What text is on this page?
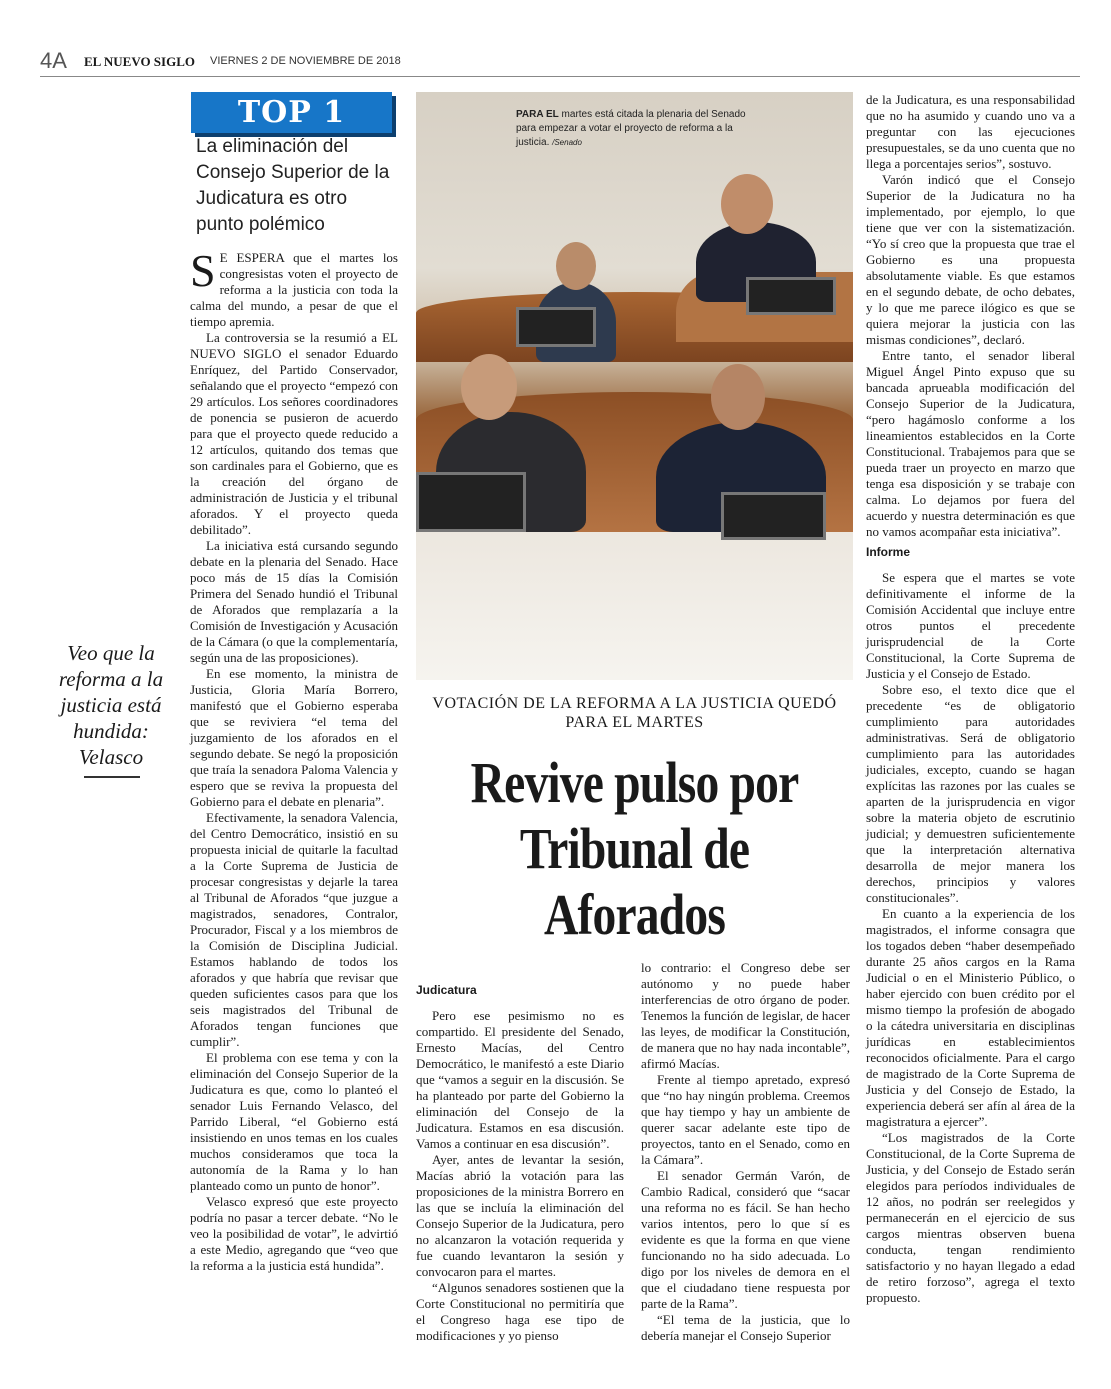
4A EL NUEVO SIGLO VIERNES 2 DE NOVIEMBRE DE 2018
TOP 1
La eliminación del Consejo Superior de la Judicatura es otro punto polémico
Veo que la reforma a la justicia está hundida: Velasco

S E ESPERA que el martes los congresistas voten el proyecto de reforma a la justicia con toda la calma del mundo, a pesar de que el tiempo apremia.

La controversia se la resumió a EL NUEVO SIGLO el senador Eduardo Enríquez, del Partido Conservador, señalando que el proyecto “empezó con 29 artículos. Los señores coordinadores de ponencia se pusieron de acuerdo para que el proyecto quede reducido a 12 artículos, quitando dos temas que son cardinales para el Gobierno, que es la creación del órgano de administración de Justicia y el tribunal aforados. Y el proyecto queda debilitado”.

La iniciativa está cursando segundo debate en la plenaria del Senado. Hace poco más de 15 días la Comisión Primera del Senado hundió el Tribunal de Aforados que remplazaría a la Comisión de Investigación y Acusación de la Cámara (o que la complementaría, según una de las proposiciones).

En ese momento, la ministra de Justicia, Gloria María Borrero, manifestó que el Gobierno esperaba que se reviviera “el tema del juzgamiento de los aforados en el segundo debate. Se negó la proposición que traía la senadora Paloma Valencia y espero que se reviva la propuesta del Gobierno para el debate en plenaria”.

Efectivamente, la senadora Valencia, del Centro Democrático, insistió en su propuesta inicial de quitarle la facultad a la Corte Suprema de Justicia de procesar congresistas y dejarle la tarea al Tribunal de Aforados “que juzgue a magistrados, senadores, Contralor, Procurador, Fiscal y a los miembros de la Comisión de Disciplina Judicial. Estamos hablando de todos los aforados y que habría que revisar que queden suficientes casos para que los seis magistrados del Tribunal de Aforados tengan funciones que cumplir”.

El problema con ese tema y con la eliminación del Consejo Superior de la Judicatura es que, como lo planteó el senador Luis Fernando Velasco, del Parrido Liberal, “el Gobierno está insistiendo en unos temas en los cuales muchos consideramos que toca la autonomía de la Rama y lo han planteado como un punto de honor”.

Velasco expresó que este proyecto podría no pasar a tercer debate. “No le veo la posibilidad de votar”, le advirtió a este Medio, agregando que “veo que la reforma a la justicia está hundida”.

PARA EL martes está citada la plenaria del Senado para empezar a votar el proyecto de reforma a la justicia. /Senado
VOTACIÓN DE LA REFORMA A LA JUSTICIA QUEDÓ PARA EL MARTES
Revive pulso por Tribunal de Aforados

Judicatura

Pero ese pesimismo no es compartido. El presidente del Senado, Ernesto Macías, del Centro Democrático, le manifestó a este Diario que “vamos a seguir en la discusión. Se ha planteado por parte del Gobierno la eliminación del Consejo de la Judicatura. Estamos en esa discusión. Vamos a continuar en esa discusión”.

Ayer, antes de levantar la sesión, Macías abrió la votación para las proposiciones de la ministra Borrero en las que se incluía la eliminación del Consejo Superior de la Judicatura, pero no alcanzaron la votación requerida y fue cuando levantaron la sesión y convocaron para el martes.

“Algunos senadores sostienen que la Corte Constitucional no permitiría que el Congreso haga ese tipo de modificaciones y yo pienso

lo contrario: el Congreso debe ser autónomo y no puede haber interferencias de otro órgano de poder. Tenemos la función de legislar, de hacer las leyes, de modificar la Constitución, de manera que no hay nada incontable”, afirmó Macías.

Frente al tiempo apretado, expresó que “no hay ningún problema. Creemos que hay tiempo y hay un ambiente de querer sacar adelante este tipo de proyectos, tanto en el Senado, como en la Cámara”.

El senador Germán Varón, de Cambio Radical, consideró que “sacar una reforma no es fácil. Se han hecho varios intentos, pero lo que sí es evidente es que la forma en que viene funcionando no ha sido adecuada. Lo digo por los niveles de demora en el que el ciudadano tiene respuesta por parte de la Rama”.

“El tema de la justicia, que lo debería manejar el Consejo Superior

de la Judicatura, es una responsabilidad que no ha asumido y cuando uno va a preguntar con las ejecuciones presupuestales, se da uno cuenta que no llega a porcentajes serios”, sostuvo.

Varón indicó que el Consejo Superior de la Judicatura no ha implementado, por ejemplo, lo que tiene que ver con la sistematización. “Yo sí creo que la propuesta que trae el Gobierno es una propuesta absolutamente viable. Es que estamos en el segundo debate, de ocho debates, y lo que me parece ilógico es que se quiera mejorar la justicia con las mismas condiciones”, declaró.

Entre tanto, el senador liberal Miguel Ángel Pinto expuso que su bancada aprueabla modificación del Consejo Superior de la Judicatura, “pero hagámoslo conforme a los lineamientos establecidos en la Corte Constitucional. Trabajemos para que se pueda traer un proyecto en marzo que tenga esa disposición y se trabaje con calma. Lo dejamos por fuera del acuerdo y nuestra determinación es que no vamos acompañar esta iniciativa”.

Informe

Se espera que el martes se vote definitivamente el informe de la Comisión Accidental que incluye entre otros puntos el precedente jurisprudencial de la Corte Constitucional, la Corte Suprema de Justicia y el Consejo de Estado.

Sobre eso, el texto dice que el precedente “es de obligatorio cumplimiento para autoridades administrativas. Será de obligatorio cumplimiento para las autoridades judiciales, excepto, cuando se hagan explícitas las razones por las cuales se aparten de la jurisprudencia en vigor sobre la materia objeto de escrutinio judicial; y demuestren suficientemente que la interpretación alternativa desarrolla de mejor manera los derechos, principios y valores constitucionales”.

En cuanto a la experiencia de los magistrados, el informe consagra que los togados deben “haber desempeñado durante 25 años cargos en la Rama Judicial o en el Ministerio Público, o haber ejercido con buen crédito por el mismo tiempo la profesión de abogado o la cátedra universitaria en disciplinas jurídicas en establecimientos reconocidos oficialmente. Para el cargo de magistrado de la Corte Suprema de Justicia y del Consejo de Estado, la experiencia deberá ser afín al área de la magistratura a ejercer”.

“Los magistrados de la Corte Constitucional, de la Corte Suprema de Justicia, y del Consejo de Estado serán elegidos para períodos individuales de 12 años, no podrán ser reelegidos y permanecerán en el ejercicio de sus cargos mientras observen buena conducta, tengan rendimiento satisfactorio y no hayan llegado a edad de retiro forzoso”, agrega el texto propuesto.
